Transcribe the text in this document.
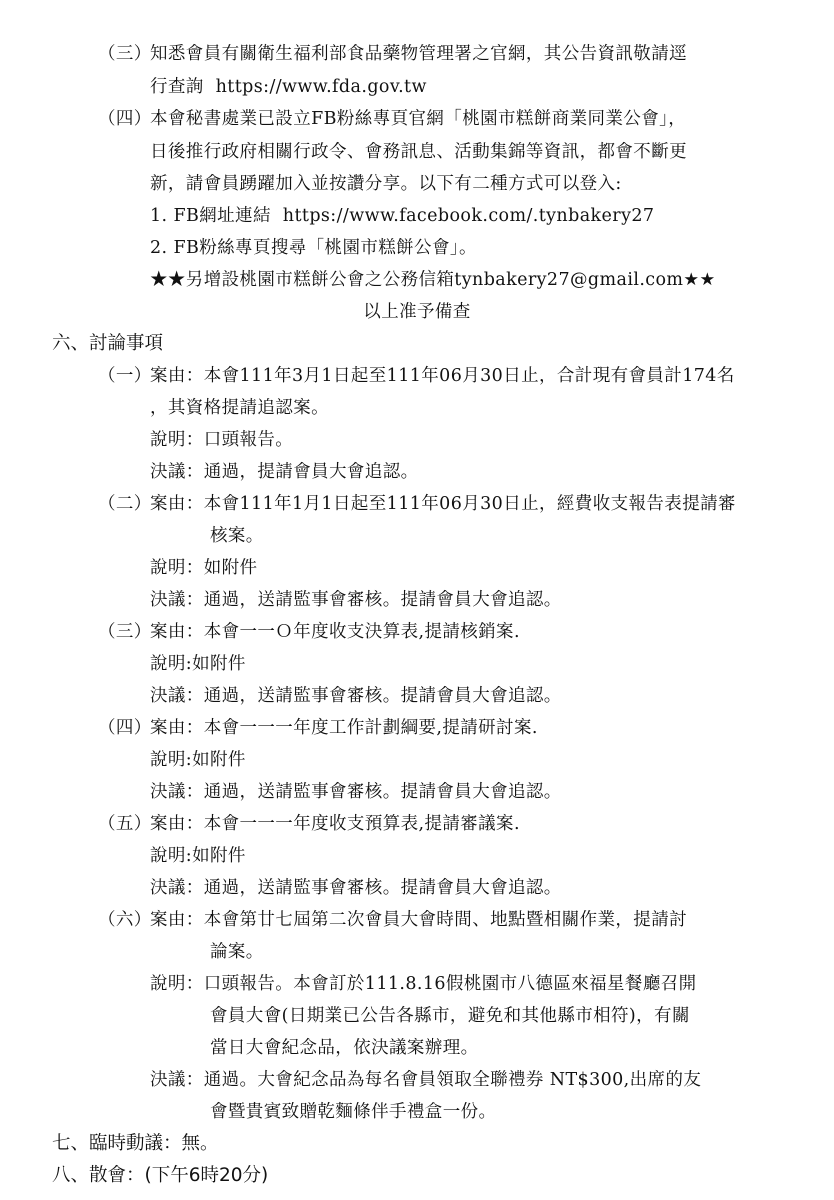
（三）
知悉會員有關衛生福利部食品藥物管理署之官網，其公告資訊敬請逕
行查詢  https://www.fda.gov.tw
（四）
本會秘書處業已設立FB粉絲專頁官網「桃園市糕餅商業同業公會」，
日後推行政府相關行政令、會務訊息、活動集錦等資訊，都會不斷更
新，請會員踴躍加入並按讚分享。以下有二種方式可以登入:
1. FB網址連結  https://www.facebook.com/.tynbakery27
2. FB粉絲專頁搜尋「桃園市糕餅公會」。
★★另增設桃園市糕餅公會之公務信箱tynbakery27@gmail.com★★
以上准予備查
六、討論事項
（一）
案由：本會111年3月1日起至111年06月30日止，合計現有會員計174名
，其資格提請追認案。
說明：口頭報告。
決議：通過，提請會員大會追認。
（二）
案由：本會111年1月1日起至111年06月30日止，經費收支報告表提請審
核案。
說明：如附件
決議：通過，送請監事會審核。提請會員大會追認。
（三）
案由：本會一一Ｏ年度收支決算表,提請核銷案.
說明:如附件
決議：通過，送請監事會審核。提請會員大會追認。
（四）
案由：本會一一一年度工作計劃綱要,提請研討案.
說明:如附件
決議：通過，送請監事會審核。提請會員大會追認。
（五）
案由：本會一一一年度收支預算表,提請審議案.
說明:如附件
決議：通過，送請監事會審核。提請會員大會追認。
（六）
案由：本會第廿七屆第二次會員大會時間、地點暨相關作業，提請討
論案。
說明：口頭報告。本會訂於111.8.16假桃園市八德區來福星餐廳召開
會員大會(日期業已公告各縣市，避免和其他縣市相符)，有關
當日大會紀念品，依決議案辦理。
決議：通過。大會紀念品為每名會員領取全聯禮券 NT$300,出席的友
會暨貴賓致贈乾麵條伴手禮盒一份。
七、臨時動議：無。
八、散會：(下午6時20分)
